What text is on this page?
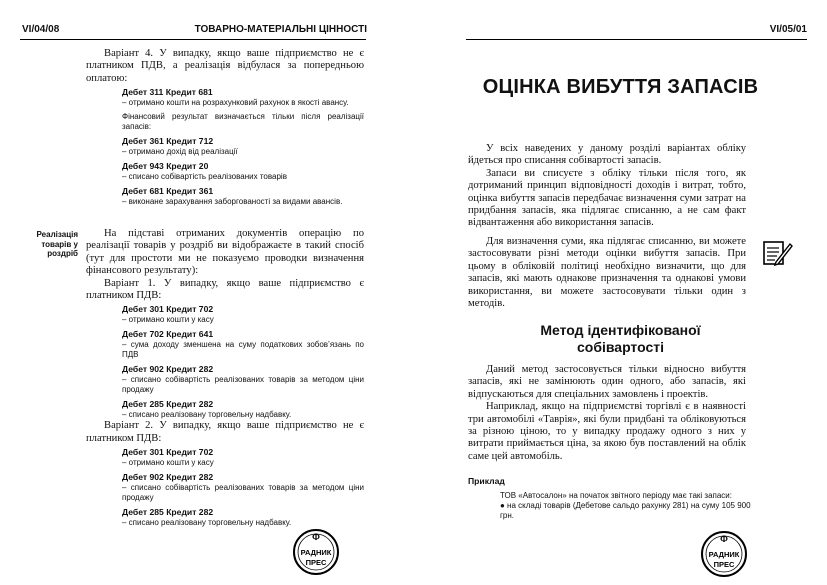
VI/04/08	ТОВАРНО-МАТЕРІАЛЬНІ ЦІННОСТІ

Варіант 4. У випадку, якщо ваше підприємство не є платником ПДВ, а реалізація відбулася за попередньою оплатою:

Дебет 311 Кредит 681
– отримано кошти на розрахунковий рахунок в якості авансу.
Фінансовий результат визначається тільки після реалізації запасів:
Дебет 361 Кредит 712
– отримано дохід від реалізації
Дебет 943 Кредит 20
– списано собівартість реалізованих товарів
Дебет 681 Кредит 361
– виконане зарахування заборгованості за видами авансів.
Реалізація товарів у роздріб

На підставі отриманих документів операцію по реалізації товарів у роздріб ви відображаєте в такий спосіб (тут для простоти ми не показуємо проводки визначення фінансового результату):

Варіант 1. У випадку, якщо ваше підприємство є платником ПДВ:

Дебет 301 Кредит 702
– отримано кошти у касу
Дебет 702 Кредит 641
– сума доходу зменшена на суму податкових зобов’язань по ПДВ
Дебет 902 Кредит 282
– списано собівартість реалізованих товарів за методом ціни продажу
Дебет 285 Кредит 282
– списано реалізовану торговельну надбавку.

Варіант 2. У випадку, якщо ваше підприємство не є платником ПДВ:

Дебет 301 Кредит 702
– отримано кошти у касу
Дебет 902 Кредит 282
– списано собівартість реалізованих товарів за методом ціни продажу
Дебет 285 Кредит 282
– списано реалізовану торговельну надбавку.
Ф
РАДНИК
ПРЕС
VI/05/01
ОЦІНКА ВИБУТТЯ ЗАПАСІВ

У всіх наведених у даному розділі варіантах обліку йдеться про списання собівартості запасів.

Запаси ви списуєте з обліку тільки після того, як дотриманий принцип відповідності доходів і витрат, тобто, оцінка вибуття запасів передбачає визначення суми затрат на придбання запасів, яка підлягає списанню, а не сам факт відвантаження або використання запасів.

Для визначення суми, яка підлягає списанню, ви можете застосовувати різні методи оцінки вибуття запасів. При цьому в обліковій політиці необхідно визначити, що для запасів, які мають однакове призначення та однакові умови використання, ви можете застосовувати тільки один з методів.

Метод ідентифікованої
собівартості

Даний метод застосовується тільки відносно вибуття запасів, які не замінюють один одного, або запасів, які відпускаються для спеціальних замовлень і проектів.

Наприклад, якщо на підприємстві торгівлі є в наявності три автомобілі «Таврія», які були придбані та обліковуються за різною ціною, то у випадку продажу одного з них у витрати приймається ціна, за якою був поставлений на облік саме цей автомобіль.

Приклад
ТОВ «Автосалон» на початок звітного періоду має такі запаси:
● на складі товарів (Дебетове сальдо рахунку 281) на суму 105 900 грн.
Ф
РАДНИК
ПРЕС
